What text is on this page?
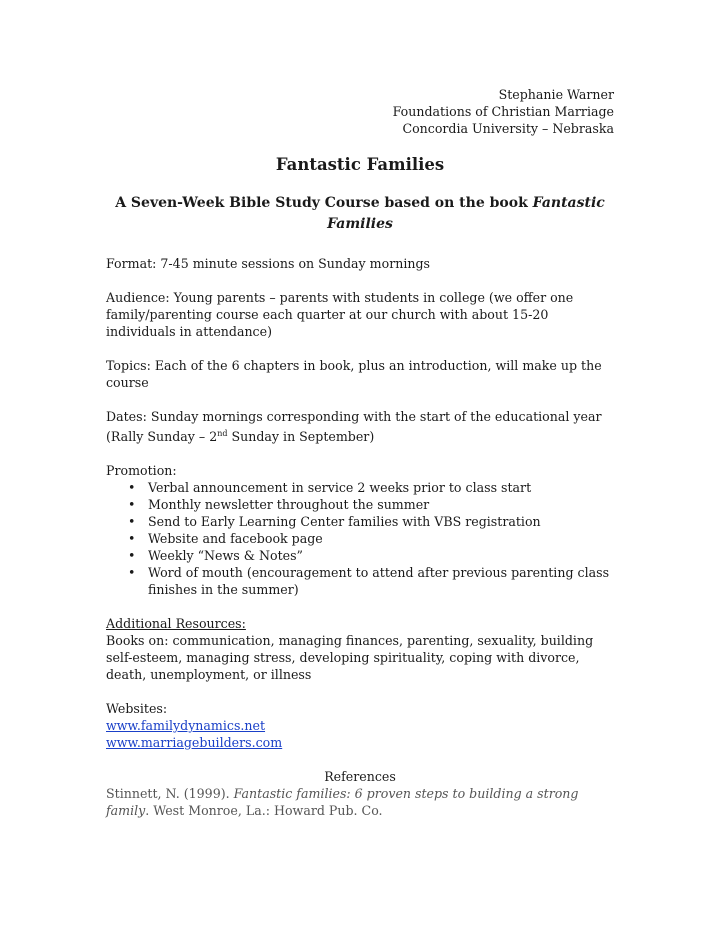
Stephanie Warner
Foundations of Christian Marriage
Concordia University – Nebraska
Fantastic Families
A Seven-Week Bible Study Course based on the book Fantastic Families
Format: 7-45 minute sessions on Sunday mornings
Audience: Young parents – parents with students in college (we offer one family/parenting course each quarter at our church with about 15-20 individuals in attendance)
Topics: Each of the 6 chapters in book, plus an introduction, will make up the course
Dates: Sunday mornings corresponding with the start of the educational year (Rally Sunday – 2nd Sunday in September)
Promotion:
• Verbal announcement in service 2 weeks prior to class start
• Monthly newsletter throughout the summer
• Send to Early Learning Center families with VBS registration
• Website and facebook page
• Weekly “News & Notes”
• Word of mouth (encouragement to attend after previous parenting class finishes in the summer)
Additional Resources:
Books on: communication, managing finances, parenting, sexuality, building self-esteem, managing stress, developing spirituality, coping with divorce, death, unemployment, or illness
Websites:
www.familydynamics.net
www.marriagebuilders.com
References
Stinnett, N. (1999). Fantastic families: 6 proven steps to building a strong family. West Monroe, La.: Howard Pub. Co.
